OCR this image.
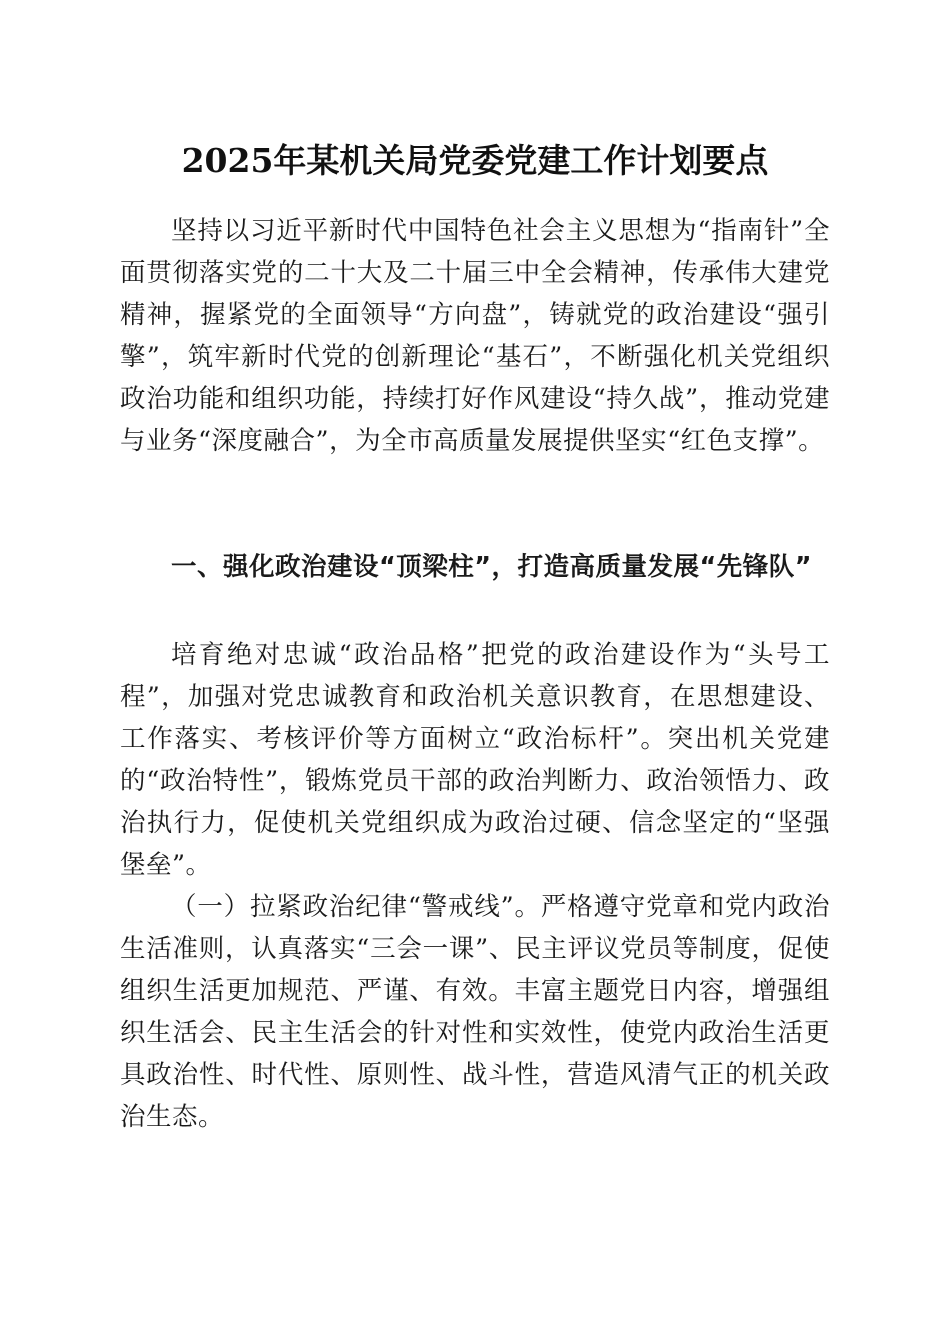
2025年某机关局党委党建工作计划要点

坚持以习近平新时代中国特色社会主义思想为“指南针”全面贯彻落实党的二十大及二十届三中全会精神，传承伟大建党精神，握紧党的全面领导“方向盘”，铸就党的政治建设“强引擎”，筑牢新时代党的创新理论“基石”，不断强化机关党组织政治功能和组织功能，持续打好作风建设“持久战”，推动党建与业务“深度融合”，为全市高质量发展提供坚实“红色支撑”。

一、强化政治建设“顶梁柱”，打造高质量发展“先锋队”

培育绝对忠诚“政治品格”把党的政治建设作为“头号工程”，加强对党忠诚教育和政治机关意识教育，在思想建设、工作落实、考核评价等方面树立“政治标杆”。突出机关党建的“政治特性”，锻炼党员干部的政治判断力、政治领悟力、政治执行力，促使机关党组织成为政治过硬、信念坚定的“坚强堡垒”。

（一）拉紧政治纪律“警戒线”。严格遵守党章和党内政治生活准则，认真落实“三会一课”、民主评议党员等制度，促使组织生活更加规范、严谨、有效。丰富主题党日内容，增强组织生活会、民主生活会的针对性和实效性，使党内政治生活更具政治性、时代性、原则性、战斗性，营造风清气正的机关政治生态。
